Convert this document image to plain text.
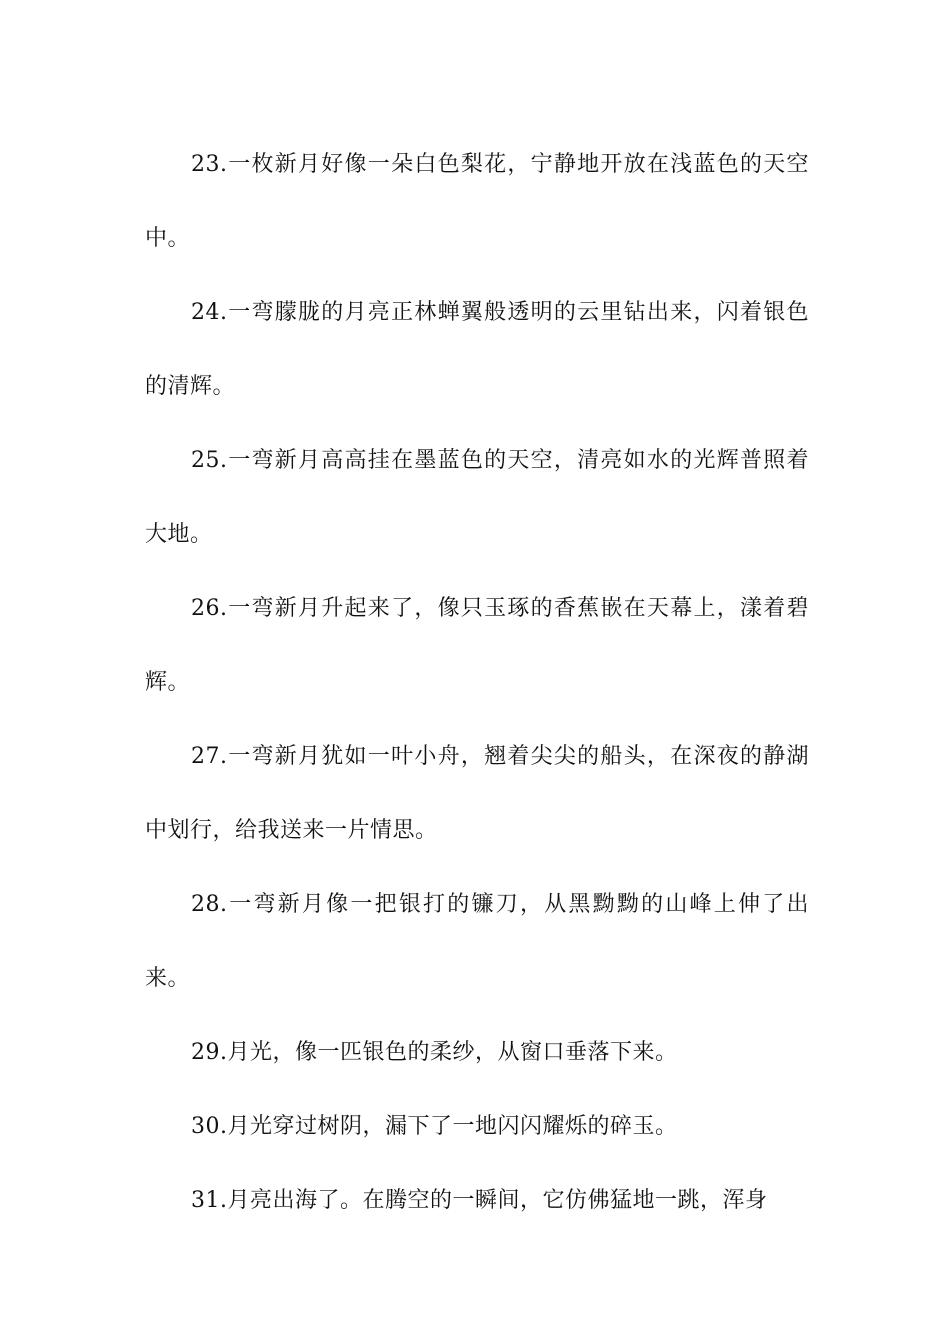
23.一枚新月好像一朵白色梨花，宁静地开放在浅蓝色的天空中。

24.一弯朦胧的月亮正林蝉翼般透明的云里钻出来，闪着银色的清辉。

25.一弯新月高高挂在墨蓝色的天空，清亮如水的光辉普照着大地。

26.一弯新月升起来了，像只玉琢的香蕉嵌在天幕上，漾着碧辉。

27.一弯新月犹如一叶小舟，翘着尖尖的船头，在深夜的静湖中划行，给我送来一片情思。

28.一弯新月像一把银打的镰刀，从黑黝黝的山峰上伸了出来。

29.月光，像一匹银色的柔纱，从窗口垂落下来。

30.月光穿过树阴，漏下了一地闪闪耀烁的碎玉。

31.月亮出海了。在腾空的一瞬间，它仿佛猛地一跳，浑身
